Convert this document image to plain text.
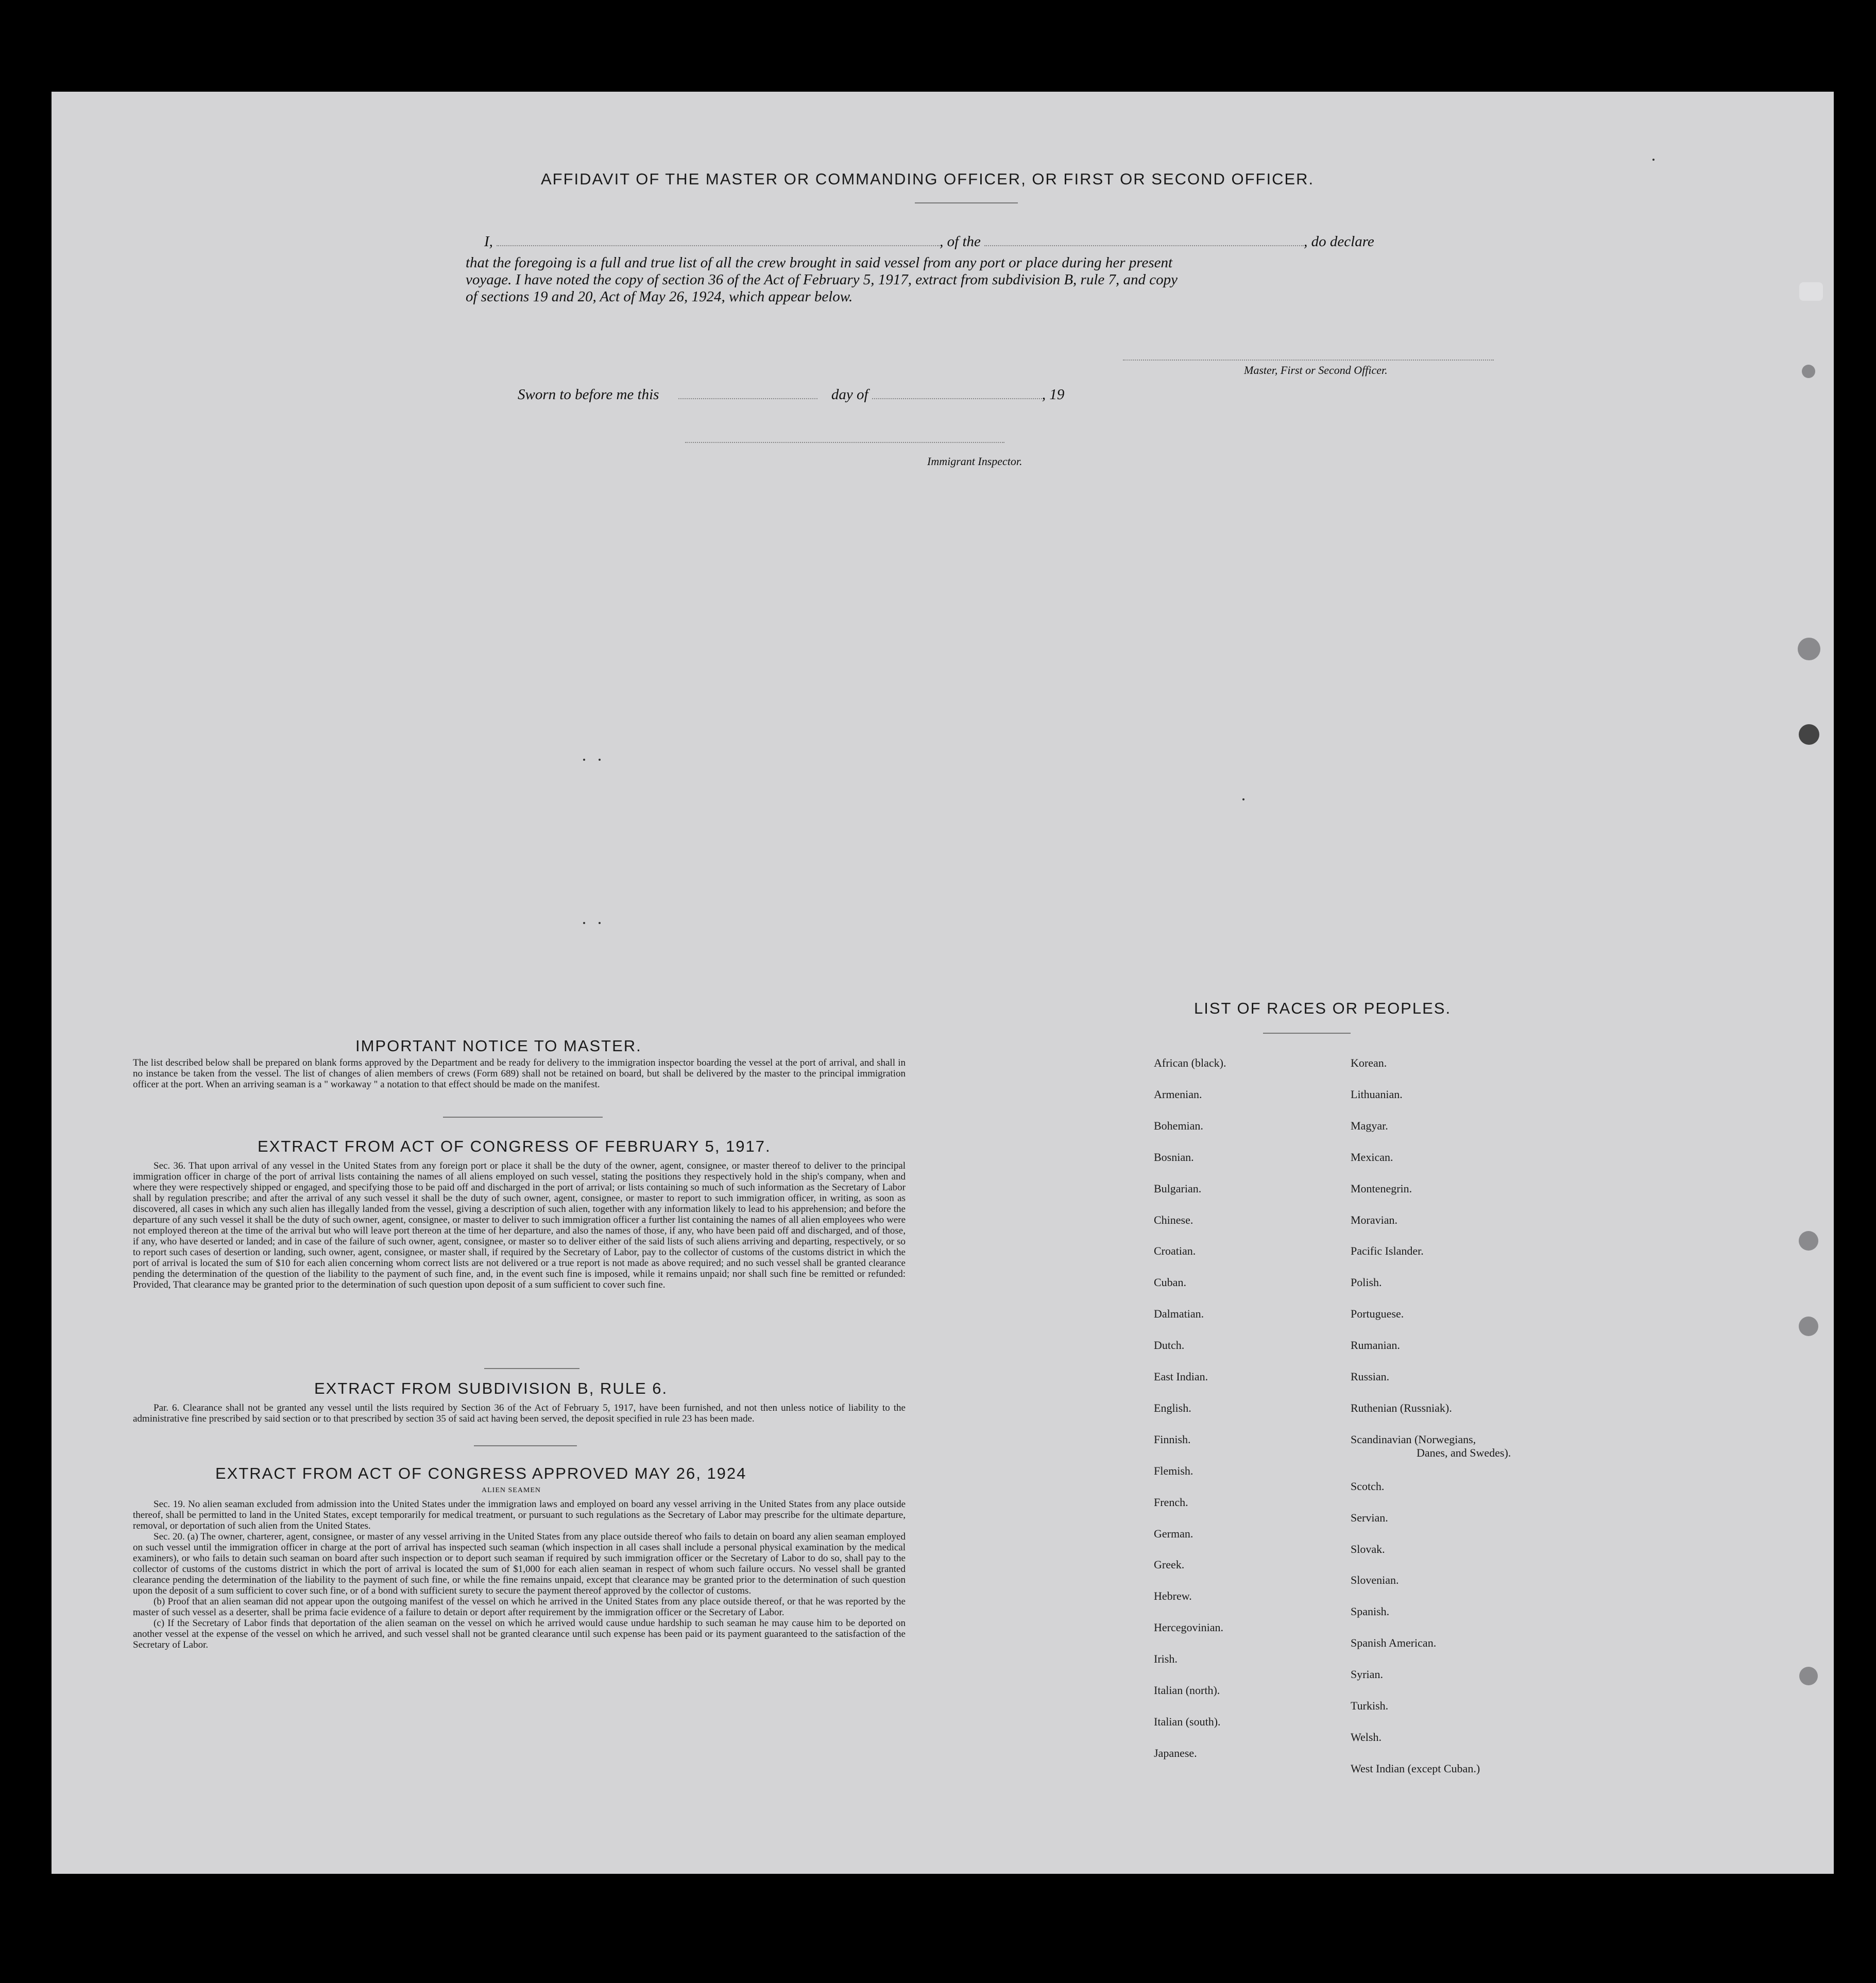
AFFIDAVIT OF THE MASTER OR COMMANDING OFFICER, OR FIRST OR SECOND OFFICER.
I,	, of the	, do declare
that the foregoing is a full and true list of all the crew brought in said vessel from any port or place during her present
voyage. I have noted the copy of section 36 of the Act of February 5, 1917, extract from subdivision B, rule 7, and copy
of sections 19 and 20, Act of May 26, 1924, which appear below.
Master, First or Second Officer.
Sworn to before me this	day of	, 19
Immigrant Inspector.
IMPORTANT NOTICE TO MASTER.
The list described below shall be prepared on blank forms approved by the Department and be ready for delivery to the immigration inspector boarding the vessel at the port of arrival, and shall in no instance be taken from the vessel. The list of changes of alien members of crews (Form 689) shall not be retained on board, but shall be delivered by the master to the principal immigration officer at the port. When an arriving seaman is a " workaway " a notation to that effect should be made on the manifest.
EXTRACT FROM ACT OF CONGRESS OF FEBRUARY 5, 1917.
Sec. 36. That upon arrival of any vessel in the United States from any foreign port or place it shall be the duty of the owner, agent, consignee, or master thereof to deliver to the principal immigration officer in charge of the port of arrival lists containing the names of all aliens employed on such vessel, stating the positions they respectively hold in the ship's company, when and where they were respectively shipped or engaged, and specifying those to be paid off and discharged in the port of arrival; or lists containing so much of such information as the Secretary of Labor shall by regulation prescribe; and after the arrival of any such vessel it shall be the duty of such owner, agent, consignee, or master to report to such immigration officer, in writing, as soon as discovered, all cases in which any such alien has illegally landed from the vessel, giving a description of such alien, together with any information likely to lead to his apprehension; and before the departure of any such vessel it shall be the duty of such owner, agent, consignee, or master to deliver to such immigration officer a further list containing the names of all alien employees who were not employed thereon at the time of the arrival but who will leave port thereon at the time of her departure, and also the names of those, if any, who have been paid off and discharged, and of those, if any, who have deserted or landed; and in case of the failure of such owner, agent, consignee, or master so to deliver either of the said lists of such aliens arriving and departing, respectively, or so to report such cases of desertion or landing, such owner, agent, consignee, or master shall, if required by the Secretary of Labor, pay to the collector of customs of the customs district in which the port of arrival is located the sum of $10 for each alien concerning whom correct lists are not delivered or a true report is not made as above required; and no such vessel shall be granted clearance pending the determination of the question of the liability to the payment of such fine, and, in the event such fine is imposed, while it remains unpaid; nor shall such fine be remitted or refunded: Provided, That clearance may be granted prior to the determination of such question upon deposit of a sum sufficient to cover such fine.
EXTRACT FROM SUBDIVISION B, RULE 6.
Par. 6. Clearance shall not be granted any vessel until the lists required by Section 36 of the Act of February 5, 1917, have been furnished, and not then unless notice of liability to the administrative fine prescribed by said section or to that prescribed by section 35 of said act having been served, the deposit specified in rule 23 has been made.
EXTRACT FROM ACT OF CONGRESS APPROVED MAY 26, 1924
ALIEN SEAMEN
Sec. 19. No alien seaman excluded from admission into the United States under the immigration laws and employed on board any vessel arriving in the United States from any place outside thereof, shall be permitted to land in the United States, except temporarily for medical treatment, or pursuant to such regulations as the Secretary of Labor may prescribe for the ultimate departure, removal, or deportation of such alien from the United States.
Sec. 20. (a) The owner, charterer, agent, consignee, or master of any vessel arriving in the United States from any place outside thereof who fails to detain on board any alien seaman employed on such vessel until the immigration officer in charge at the port of arrival has inspected such seaman (which inspection in all cases shall include a personal physical examination by the medical examiners), or who fails to detain such seaman on board after such inspection or to deport such seaman if required by such immigration officer or the Secretary of Labor to do so, shall pay to the collector of customs of the customs district in which the port of arrival is located the sum of $1,000 for each alien seaman in respect of whom such failure occurs. No vessel shall be granted clearance pending the determination of the liability to the payment of such fine, or while the fine remains unpaid, except that clearance may be granted prior to the determination of such question upon the deposit of a sum sufficient to cover such fine, or of a bond with sufficient surety to secure the payment thereof approved by the collector of customs.
(b) Proof that an alien seaman did not appear upon the outgoing manifest of the vessel on which he arrived in the United States from any place outside thereof, or that he was reported by the master of such vessel as a deserter, shall be prima facie evidence of a failure to detain or deport after requirement by the immigration officer or the Secretary of Labor.
(c) If the Secretary of Labor finds that deportation of the alien seaman on the vessel on which he arrived would cause undue hardship to such seaman he may cause him to be deported on another vessel at the expense of the vessel on which he arrived, and such vessel shall not be granted clearance until such expense has been paid or its payment guaranteed to the satisfaction of the Secretary of Labor.
LIST OF RACES OR PEOPLES.
African (black).
Armenian.
Bohemian.
Bosnian.
Bulgarian.
Chinese.
Croatian.
Cuban.
Dalmatian.
Dutch.
East Indian.
English.
Finnish.
Flemish.
French.
German.
Greek.
Hebrew.
Hercegovinian.
Irish.
Italian (north).
Italian (south).
Japanese.
Korean.
Lithuanian.
Magyar.
Mexican.
Montenegrin.
Moravian.
Pacific Islander.
Polish.
Portuguese.
Rumanian.
Russian.
Ruthenian (Russniak).
Scandinavian (Norwegians,
Danes, and Swedes).
Scotch.
Servian.
Slovak.
Slovenian.
Spanish.
Spanish American.
Syrian.
Turkish.
Welsh.
West Indian (except Cuban.)
